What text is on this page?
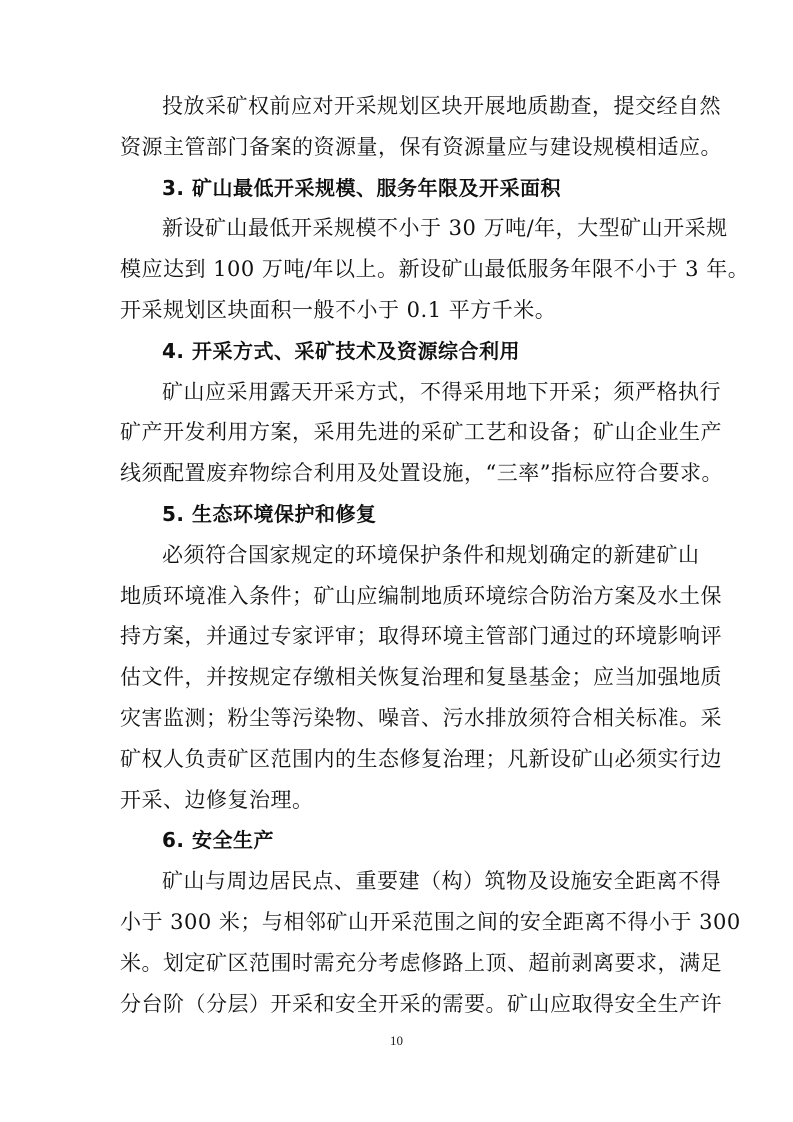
投放采矿权前应对开采规划区块开展地质勘查，提交经自然
资源主管部门备案的资源量，保有资源量应与建设规模相适应。
3. 矿山最低开采规模、服务年限及开采面积
新设矿山最低开采规模不小于 30 万吨/年，大型矿山开采规
模应达到 100 万吨/年以上。新设矿山最低服务年限不小于 3 年。
开采规划区块面积一般不小于 0.1 平方千米。
4. 开采方式、采矿技术及资源综合利用
矿山应采用露天开采方式，不得采用地下开采；须严格执行
矿产开发利用方案，采用先进的采矿工艺和设备；矿山企业生产
线须配置废弃物综合利用及处置设施，“三率”指标应符合要求。
5. 生态环境保护和修复
必须符合国家规定的环境保护条件和规划确定的新建矿山
地质环境准入条件；矿山应编制地质环境综合防治方案及水土保
持方案，并通过专家评审；取得环境主管部门通过的环境影响评
估文件，并按规定存缴相关恢复治理和复垦基金；应当加强地质
灾害监测；粉尘等污染物、噪音、污水排放须符合相关标准。采
矿权人负责矿区范围内的生态修复治理；凡新设矿山必须实行边
开采、边修复治理。
6. 安全生产
矿山与周边居民点、重要建（构）筑物及设施安全距离不得
小于 300 米；与相邻矿山开采范围之间的安全距离不得小于 300
米。划定矿区范围时需充分考虑修路上顶、超前剥离要求，满足
分台阶（分层）开采和安全开采的需要。矿山应取得安全生产许
10
